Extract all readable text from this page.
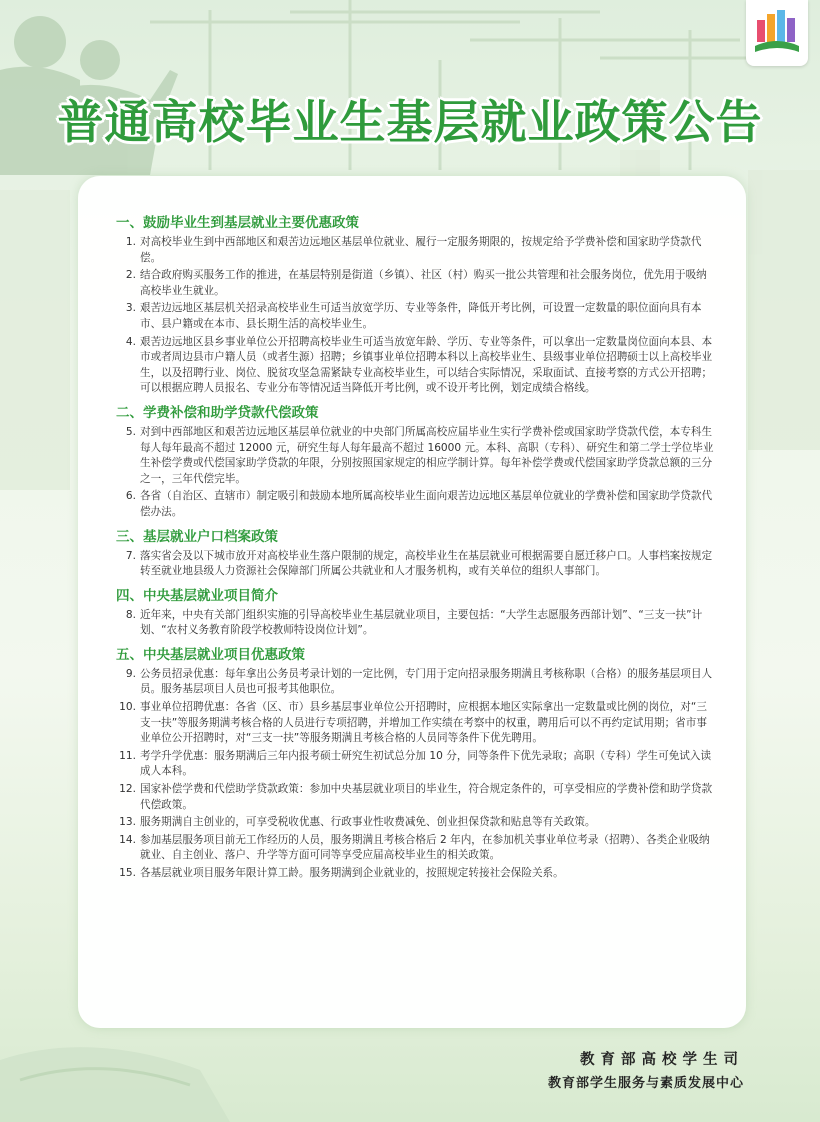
普通高校毕业生基层就业政策公告
一、鼓励毕业生到基层就业主要优惠政策
1. 对高校毕业生到中西部地区和艰苦边远地区基层单位就业、履行一定服务期限的，按规定给予学费补偿和国家助学贷款代偿。
2. 结合政府购买服务工作的推进，在基层特别是街道（乡镇）、社区（村）购买一批公共管理和社会服务岗位，优先用于吸纳高校毕业生就业。
3. 艰苦边远地区基层机关招录高校毕业生可适当放宽学历、专业等条件，降低开考比例，可设置一定数量的职位面向具有本市、县户籍或在本市、县长期生活的高校毕业生。
4. 艰苦边远地区县乡事业单位公开招聘高校毕业生可适当放宽年龄、学历、专业等条件，可以拿出一定数量岗位面向本县、本市或者周边县市户籍人员（或者生源）招聘；乡镇事业单位招聘本科以上高校毕业生、县级事业单位招聘硕士以上高校毕业生，以及招聘行业、岗位、脱贫攻坚急需紧缺专业高校毕业生，可以结合实际情况，采取面试、直接考察的方式公开招聘；可以根据应聘人员报名、专业分布等情况适当降低开考比例，或不设开考比例，划定成绩合格线。
二、学费补偿和助学贷款代偿政策
5. 对到中西部地区和艰苦边远地区基层单位就业的中央部门所属高校应届毕业生实行学费补偿或国家助学贷款代偿，本专科生每人每年最高不超过 12000 元，研究生每人每年最高不超过 16000 元。本科、高职（专科）、研究生和第二学士学位毕业生补偿学费或代偿国家助学贷款的年限，分别按照国家规定的相应学制计算。每年补偿学费或代偿国家助学贷款总额的三分之一，三年代偿完毕。
6. 各省（自治区、直辖市）制定吸引和鼓励本地所属高校毕业生面向艰苦边远地区基层单位就业的学费补偿和国家助学贷款代偿办法。
三、基层就业户口档案政策
7. 落实省会及以下城市放开对高校毕业生落户限制的规定，高校毕业生在基层就业可根据需要自愿迁移户口。人事档案按规定转至就业地县级人力资源社会保障部门所属公共就业和人才服务机构，或有关单位的组织人事部门。
四、中央基层就业项目简介
8. 近年来，中央有关部门组织实施的引导高校毕业生基层就业项目，主要包括：“大学生志愿服务西部计划”、“三支一扶”计划、“农村义务教育阶段学校教师特设岗位计划”。
五、中央基层就业项目优惠政策
9. 公务员招录优惠：每年拿出公务员考录计划的一定比例，专门用于定向招录服务期满且考核称职（合格）的服务基层项目人员。服务基层项目人员也可报考其他职位。
10. 事业单位招聘优惠：各省（区、市）县乡基层事业单位公开招聘时，应根据本地区实际拿出一定数量或比例的岗位，对“三支一扶”等服务期满考核合格的人员进行专项招聘，并增加工作实绩在考察中的权重，聘用后可以不再约定试用期；省市事业单位公开招聘时，对“三支一扶”等服务期满且考核合格的人员同等条件下优先聘用。
11. 考学升学优惠：服务期满后三年内报考硕士研究生初试总分加 10 分，同等条件下优先录取；高职（专科）学生可免试入读成人本科。
12. 国家补偿学费和代偿助学贷款政策：参加中央基层就业项目的毕业生，符合规定条件的，可享受相应的学费补偿和助学贷款代偿政策。
13. 服务期满自主创业的，可享受税收优惠、行政事业性收费减免、创业担保贷款和贴息等有关政策。
14. 参加基层服务项目前无工作经历的人员，服务期满且考核合格后 2 年内，在参加机关事业单位考录（招聘）、各类企业吸纳就业、自主创业、落户、升学等方面可同等享受应届高校毕业生的相关政策。
15. 各基层就业项目服务年限计算工龄。服务期满到企业就业的，按照规定转接社会保险关系。
教育部高校学生司
教育部学生服务与素质发展中心
